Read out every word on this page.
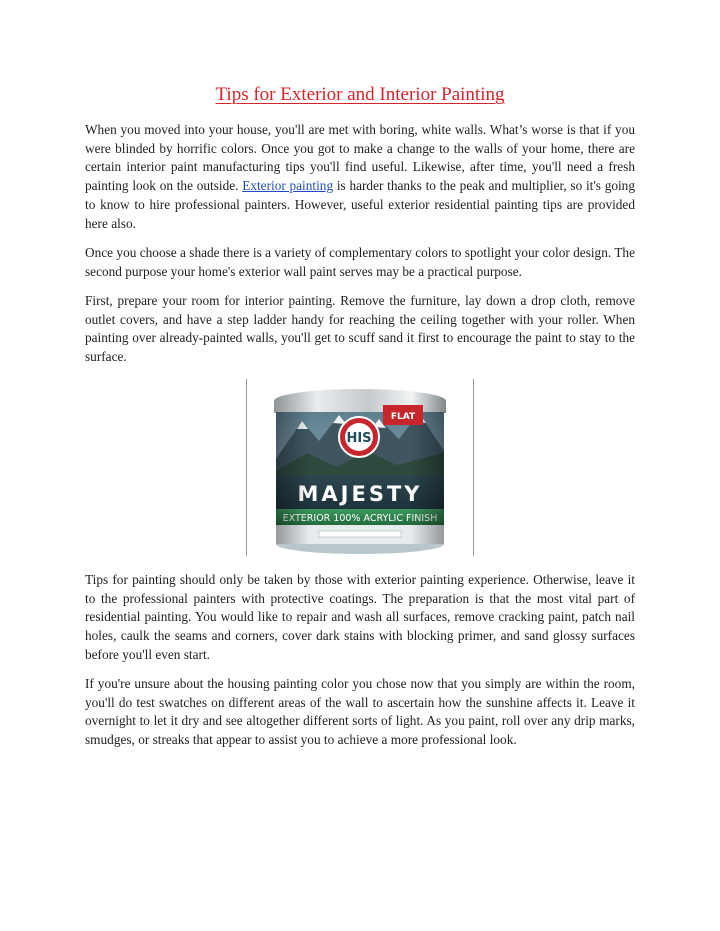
Tips for Exterior and Interior Painting

When you moved into your house, you'll are met with boring, white walls. What’s worse is that if you were blinded by horrific colors. Once you got to make a change to the walls of your home, there are certain interior paint manufacturing tips you'll find useful. Likewise, after time, you'll need a fresh painting look on the outside. Exterior painting is harder thanks to the peak and multiplier, so it's going to know to hire professional painters. However, useful exterior residential painting tips are provided here also.

Once you choose a shade there is a variety of complementary colors to spotlight your color design. The second purpose your home's exterior wall paint serves may be a practical purpose.

First, prepare your room for interior painting. Remove the furniture, lay down a drop cloth, remove outlet covers, and have a step ladder handy for reaching the ceiling together with your roller. When painting over already-painted walls, you'll get to scuff sand it first to encourage the paint to stay to the surface.

FLAT
HIS

Tips for painting should only be taken by those with exterior painting experience. Otherwise, leave it to the professional painters with protective coatings. The preparation is that the most vital part of residential painting. You would like to repair and wash all surfaces, remove cracking paint, patch nail holes, caulk the seams and corners, cover dark stains with blocking primer, and sand glossy surfaces before you'll even start.

If you're unsure about the housing painting color you chose now that you simply are within the room, you'll do test swatches on different areas of the wall to ascertain how the sunshine affects it. Leave it overnight to let it dry and see altogether different sorts of light. As you paint, roll over any drip marks, smudges, or streaks that appear to assist you to achieve a more professional look.
